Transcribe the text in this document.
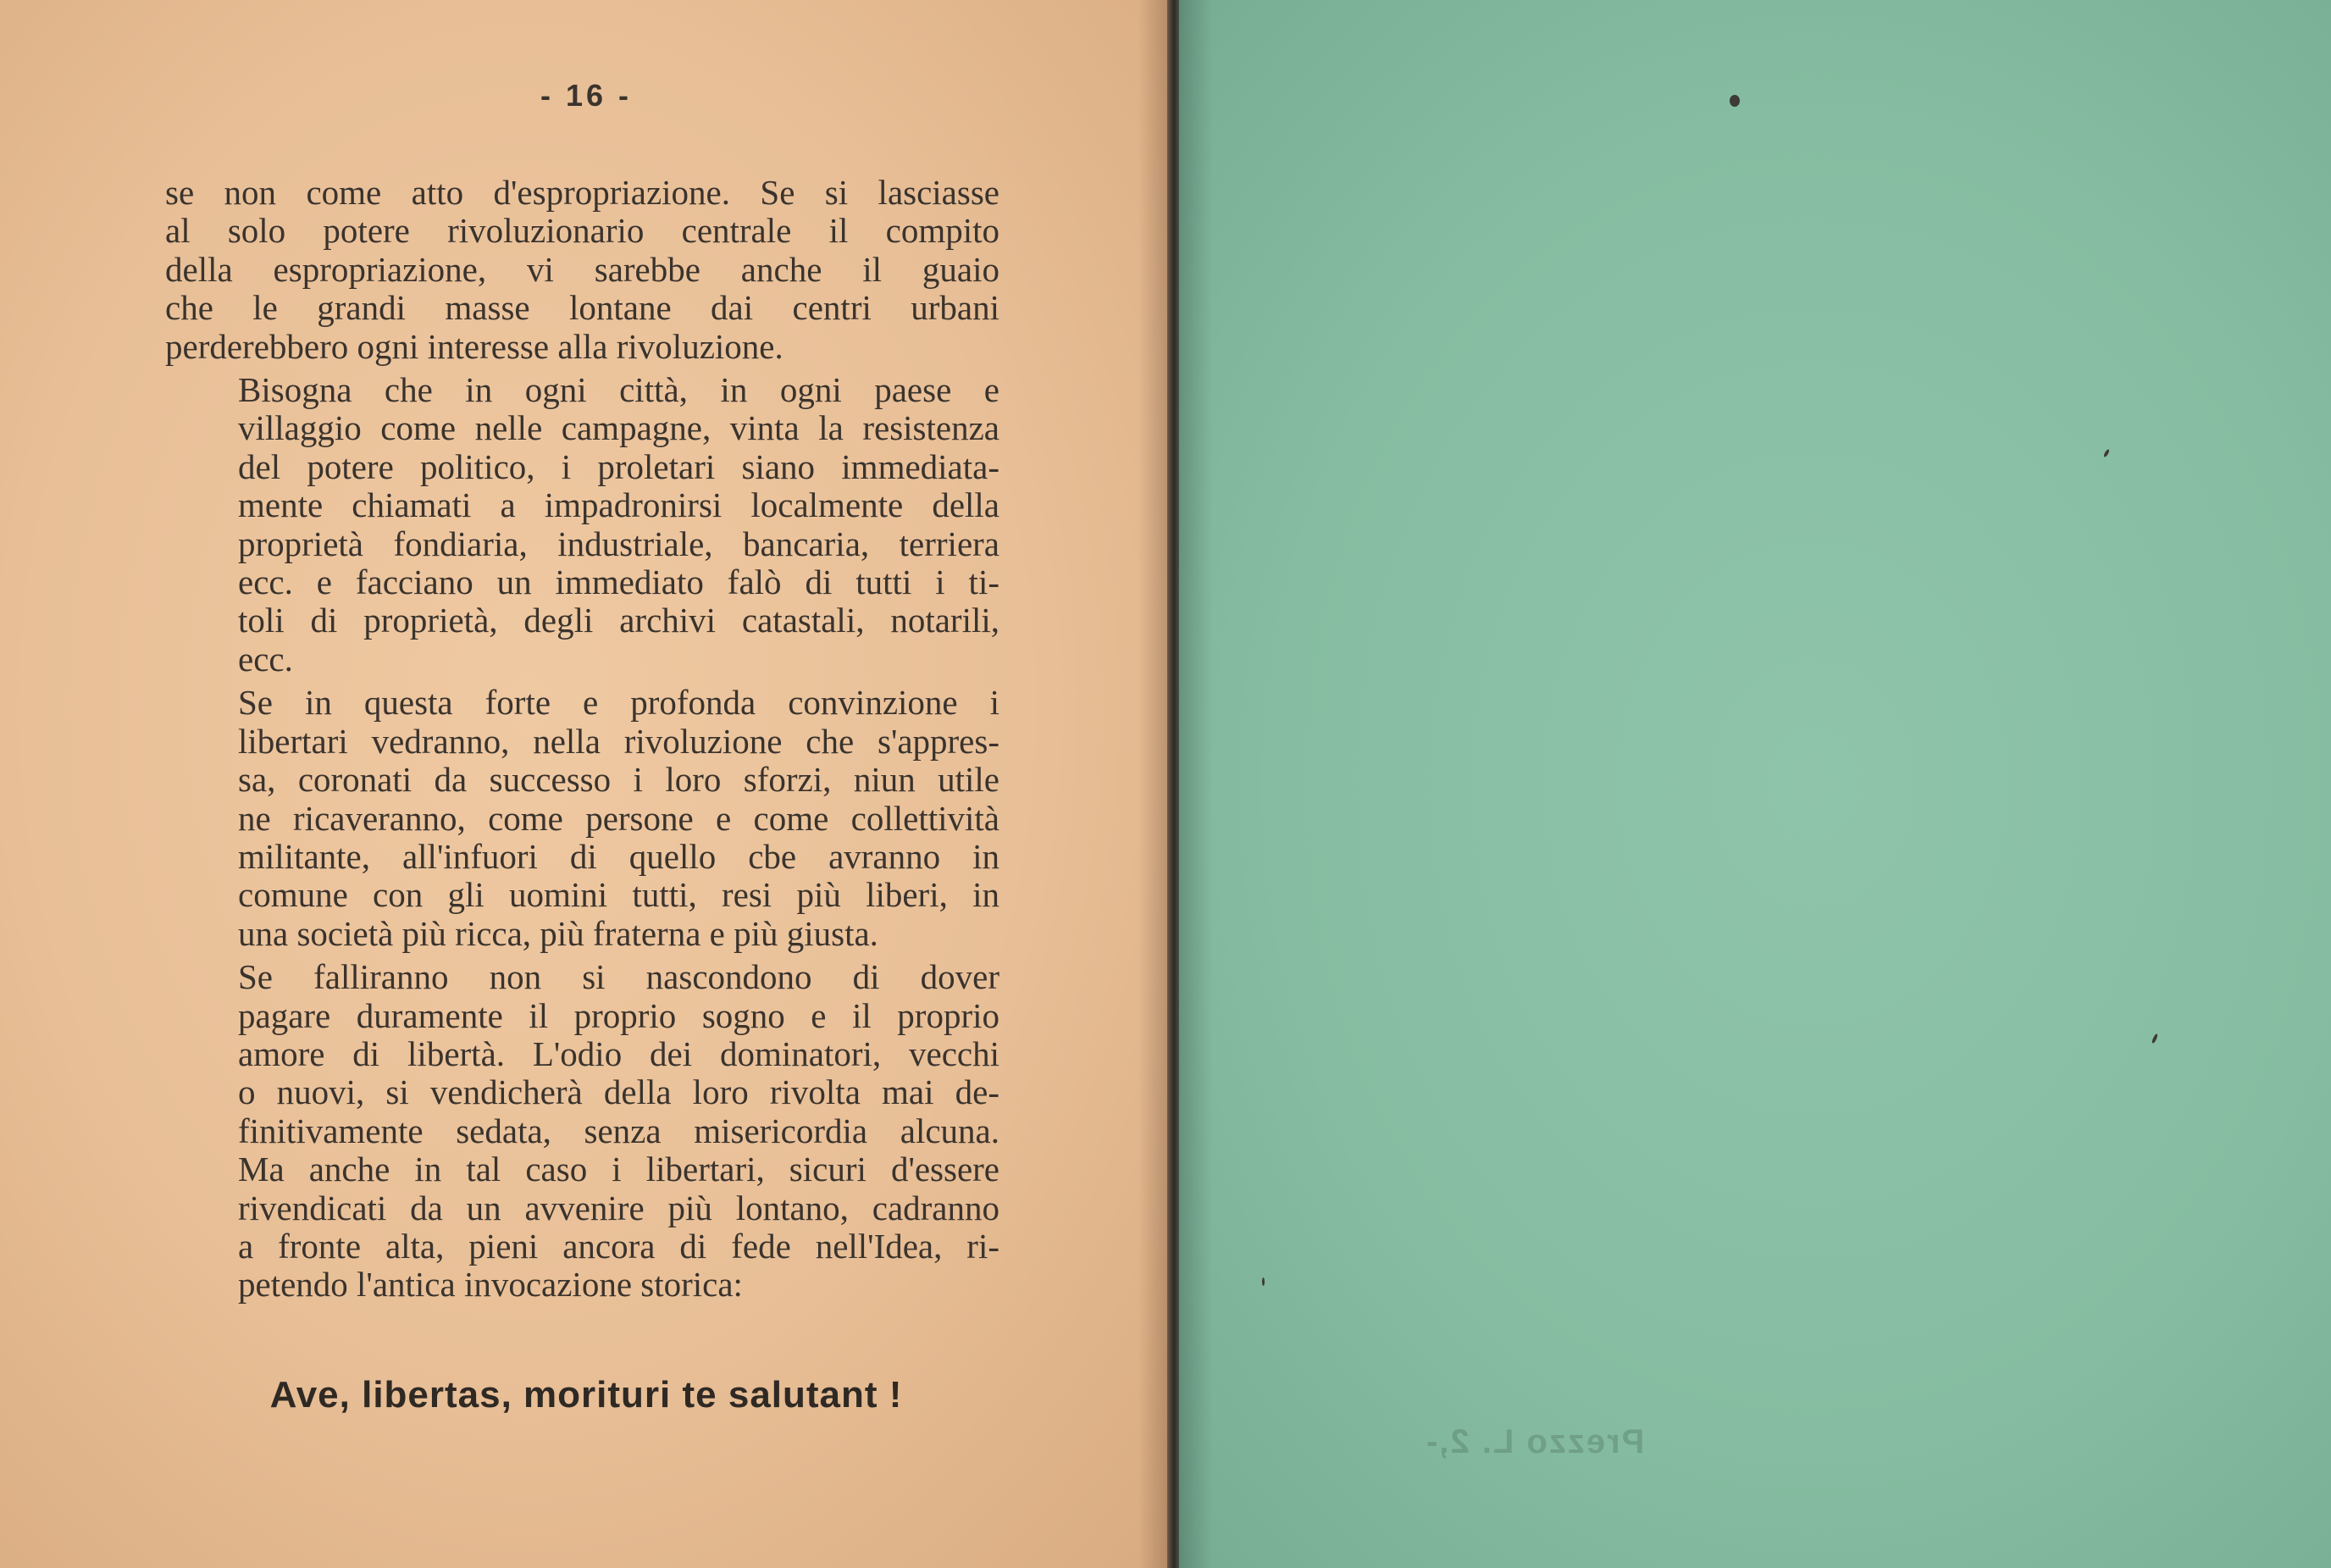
- 16 -
se non come atto d'espropriazione. Se si lasciasse
al solo potere rivoluzionario centrale il compito
della espropriazione, vi sarebbe anche il guaio
che le grandi masse lontane dai centri urbani
perderebbero ogni interesse alla rivoluzione.
Bisogna che in ogni città, in ogni paese e
villaggio come nelle campagne, vinta la resistenza
del potere politico, i proletari siano immediata-
mente chiamati a impadronirsi localmente della
proprietà fondiaria, industriale, bancaria, terriera
ecc. e facciano un immediato falò di tutti i ti-
toli di proprietà, degli archivi catastali, notarili,
ecc.
Se in questa forte e profonda convinzione i
libertari vedranno, nella rivoluzione che s'appres-
sa, coronati da successo i loro sforzi, niun utile
ne ricaveranno, come persone e come collettività
militante, all'infuori di quello cbe avranno in
comune con gli uomini tutti, resi più liberi, in
una società più ricca, più fraterna e più giusta.
Se falliranno non si nascondono di dover
pagare duramente il proprio sogno e il proprio
amore di libertà. L'odio dei dominatori, vecchi
o nuovi, si vendicherà della loro rivolta mai de-
finitivamente sedata, senza misericordia alcuna.
Ma anche in tal caso i libertari, sicuri d'essere
rivendicati da un avvenire più lontano, cadranno
a fronte alta, pieni ancora di fede nell'Idea, ri-
petendo l'antica invocazione storica:
Ave, libertas, morituri te salutant !
Prezzo L. 2,-
